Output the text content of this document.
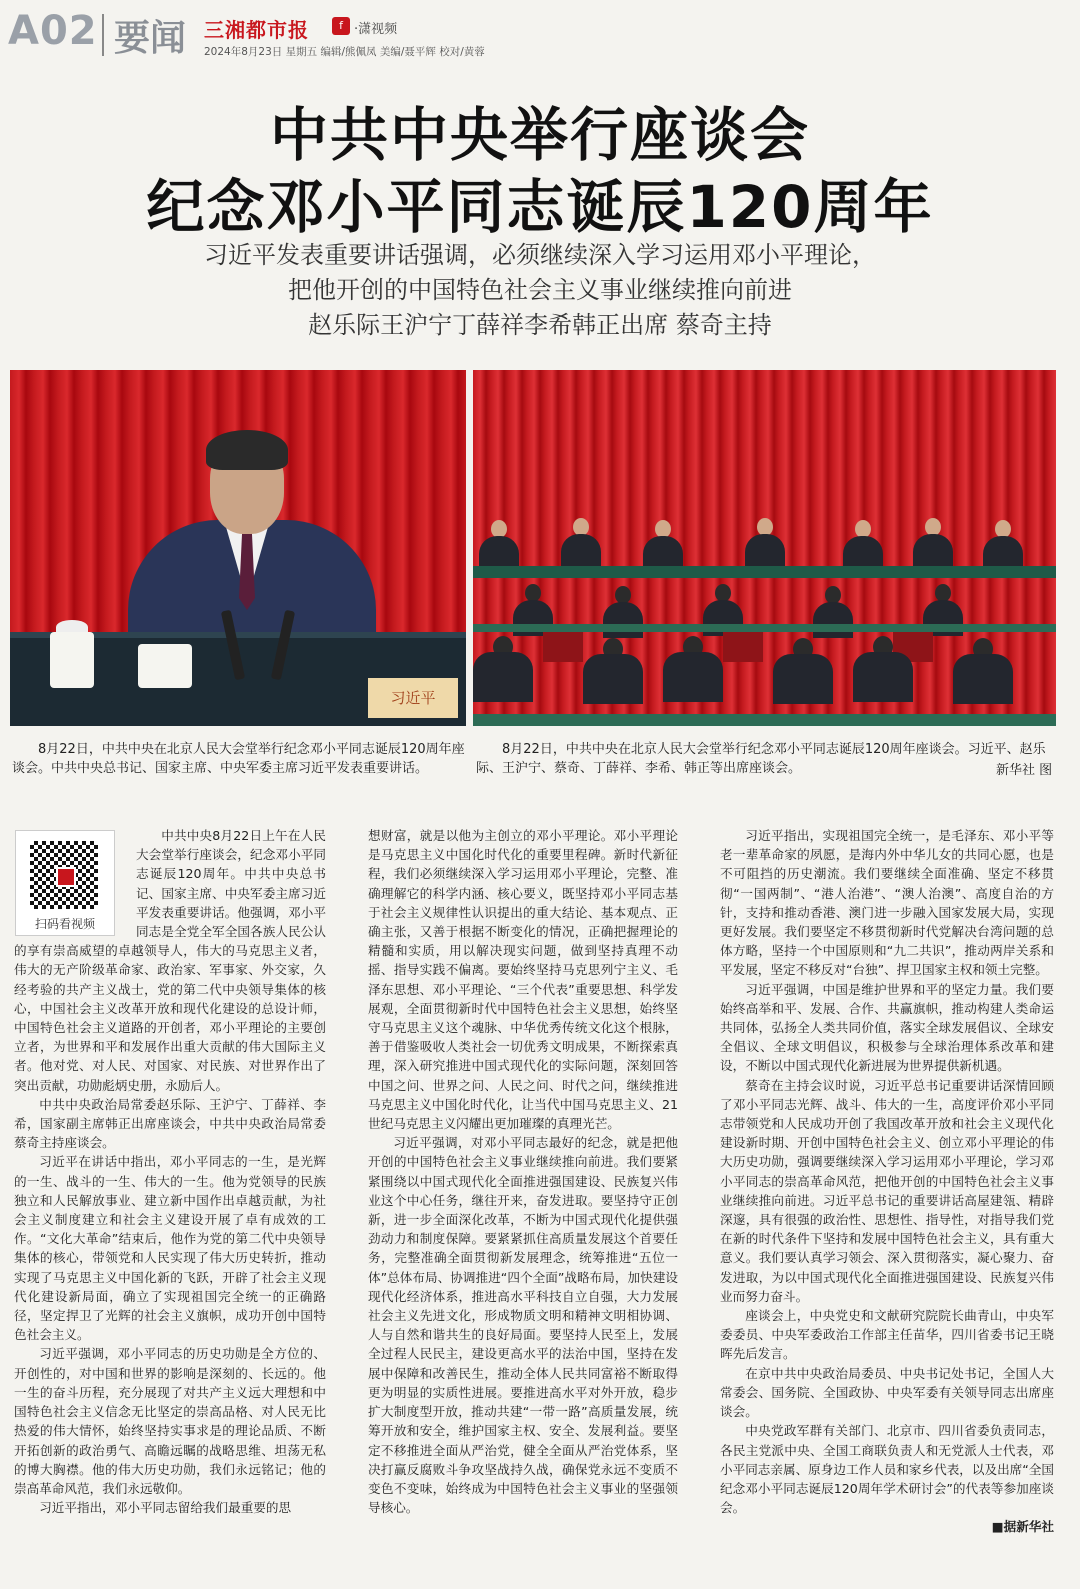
A02 要闻 三湘都市报	f ·潇视频
2024年8月23日 星期五 编辑/熊佩凤 美编/聂平辉 校对/黄蓉
中共中央举行座谈会
纪念邓小平同志诞辰120周年
习近平发表重要讲话强调，必须继续深入学习运用邓小平理论，
把他开创的中国特色社会主义事业继续推向前进
赵乐际王沪宁丁薛祥李希韩正出席 蔡奇主持
习近平
8月22日，中共中央在北京人民大会堂举行纪念邓小平同志诞辰120周年座谈会。中共中央总书记、国家主席、中央军委主席习近平发表重要讲话。
8月22日，中共中央在北京人民大会堂举行纪念邓小平同志诞辰120周年座谈会。习近平、赵乐际、王沪宁、蔡奇、丁薛祥、李希、韩正等出席座谈会。	新华社 图
扫码看视频

中共中央8月22日上午在人民大会堂举行座谈会，纪念邓小平同志诞辰120周年。中共中央总书记、国家主席、中央军委主席习近平发表重要讲话。他强调，邓小平同志是全党全军全国各族人民公认的享有崇高威望的卓越领导人，伟大的马克思主义者，伟大的无产阶级革命家、政治家、军事家、外交家，久经考验的共产主义战士，党的第二代中央领导集体的核心，中国社会主义改革开放和现代化建设的总设计师，中国特色社会主义道路的开创者，邓小平理论的主要创立者，为世界和平和发展作出重大贡献的伟大国际主义者。他对党、对人民、对国家、对民族、对世界作出了突出贡献，功勋彪炳史册，永励后人。

中共中央政治局常委赵乐际、王沪宁、丁薛祥、李希，国家副主席韩正出席座谈会，中共中央政治局常委蔡奇主持座谈会。

习近平在讲话中指出，邓小平同志的一生，是光辉的一生、战斗的一生、伟大的一生。他为党领导的民族独立和人民解放事业、建立新中国作出卓越贡献，为社会主义制度建立和社会主义建设开展了卓有成效的工作。“文化大革命”结束后，他作为党的第二代中央领导集体的核心，带领党和人民实现了伟大历史转折，推动实现了马克思主义中国化新的飞跃，开辟了社会主义现代化建设新局面，确立了实现祖国完全统一的正确路径，坚定捍卫了光辉的社会主义旗帜，成功开创中国特色社会主义。

习近平强调，邓小平同志的历史功勋是全方位的、开创性的，对中国和世界的影响是深刻的、长远的。他一生的奋斗历程，充分展现了对共产主义远大理想和中国特色社会主义信念无比坚定的崇高品格、对人民无比热爱的伟大情怀，始终坚持实事求是的理论品质、不断开拓创新的政治勇气、高瞻远瞩的战略思维、坦荡无私的博大胸襟。他的伟大历史功勋，我们永远铭记；他的崇高革命风范，我们永远敬仰。

习近平指出，邓小平同志留给我们最重要的思

想财富，就是以他为主创立的邓小平理论。邓小平理论是马克思主义中国化时代化的重要里程碑。新时代新征程，我们必须继续深入学习运用邓小平理论，完整、准确理解它的科学内涵、核心要义，既坚持邓小平同志基于社会主义规律性认识提出的重大结论、基本观点、正确主张，又善于根据不断变化的情况，正确把握理论的精髓和实质，用以解决现实问题，做到坚持真理不动摇、指导实践不偏离。要始终坚持马克思列宁主义、毛泽东思想、邓小平理论、“三个代表”重要思想、科学发展观，全面贯彻新时代中国特色社会主义思想，始终坚守马克思主义这个魂脉、中华优秀传统文化这个根脉，善于借鉴吸收人类社会一切优秀文明成果，不断探索真理，深入研究推进中国式现代化的实际问题，深刻回答中国之问、世界之问、人民之问、时代之问，继续推进马克思主义中国化时代化，让当代中国马克思主义、21世纪马克思主义闪耀出更加璀璨的真理光芒。

习近平强调，对邓小平同志最好的纪念，就是把他开创的中国特色社会主义事业继续推向前进。我们要紧紧围绕以中国式现代化全面推进强国建设、民族复兴伟业这个中心任务，继往开来，奋发进取。要坚持守正创新，进一步全面深化改革，不断为中国式现代化提供强劲动力和制度保障。要紧紧抓住高质量发展这个首要任务，完整准确全面贯彻新发展理念，统筹推进“五位一体”总体布局、协调推进“四个全面”战略布局，加快建设现代化经济体系，推进高水平科技自立自强，大力发展社会主义先进文化，形成物质文明和精神文明相协调、人与自然和谐共生的良好局面。要坚持人民至上，发展全过程人民民主，建设更高水平的法治中国，坚持在发展中保障和改善民生，推动全体人民共同富裕不断取得更为明显的实质性进展。要推进高水平对外开放，稳步扩大制度型开放，推动共建“一带一路”高质量发展，统筹开放和安全，维护国家主权、安全、发展利益。要坚定不移推进全面从严治党，健全全面从严治党体系，坚决打赢反腐败斗争攻坚战持久战，确保党永远不变质不变色不变味，始终成为中国特色社会主义事业的坚强领导核心。

习近平指出，实现祖国完全统一，是毛泽东、邓小平等老一辈革命家的夙愿，是海内外中华儿女的共同心愿，也是不可阻挡的历史潮流。我们要继续全面准确、坚定不移贯彻“一国两制”、“港人治港”、“澳人治澳”、高度自治的方针，支持和推动香港、澳门进一步融入国家发展大局，实现更好发展。我们要坚定不移贯彻新时代党解决台湾问题的总体方略，坚持一个中国原则和“九二共识”，推动两岸关系和平发展，坚定不移反对“台独”、捍卫国家主权和领土完整。

习近平强调，中国是维护世界和平的坚定力量。我们要始终高举和平、发展、合作、共赢旗帜，推动构建人类命运共同体，弘扬全人类共同价值，落实全球发展倡议、全球安全倡议、全球文明倡议，积极参与全球治理体系改革和建设，不断以中国式现代化新进展为世界提供新机遇。

蔡奇在主持会议时说，习近平总书记重要讲话深情回顾了邓小平同志光辉、战斗、伟大的一生，高度评价邓小平同志带领党和人民成功开创了我国改革开放和社会主义现代化建设新时期、开创中国特色社会主义、创立邓小平理论的伟大历史功勋，强调要继续深入学习运用邓小平理论，学习邓小平同志的崇高革命风范，把他开创的中国特色社会主义事业继续推向前进。习近平总书记的重要讲话高屋建瓴、精辟深邃，具有很强的政治性、思想性、指导性，对指导我们党在新的时代条件下坚持和发展中国特色社会主义，具有重大意义。我们要认真学习领会、深入贯彻落实，凝心聚力、奋发进取，为以中国式现代化全面推进强国建设、民族复兴伟业而努力奋斗。

座谈会上，中央党史和文献研究院院长曲青山，中央军委委员、中央军委政治工作部主任苗华，四川省委书记王晓晖先后发言。

在京中共中央政治局委员、中央书记处书记，全国人大常委会、国务院、全国政协、中央军委有关领导同志出席座谈会。

中央党政军群有关部门、北京市、四川省委负责同志，各民主党派中央、全国工商联负责人和无党派人士代表，邓小平同志亲属、原身边工作人员和家乡代表，以及出席“全国纪念邓小平同志诞辰120周年学术研讨会”的代表等参加座谈会。

■据新华社
